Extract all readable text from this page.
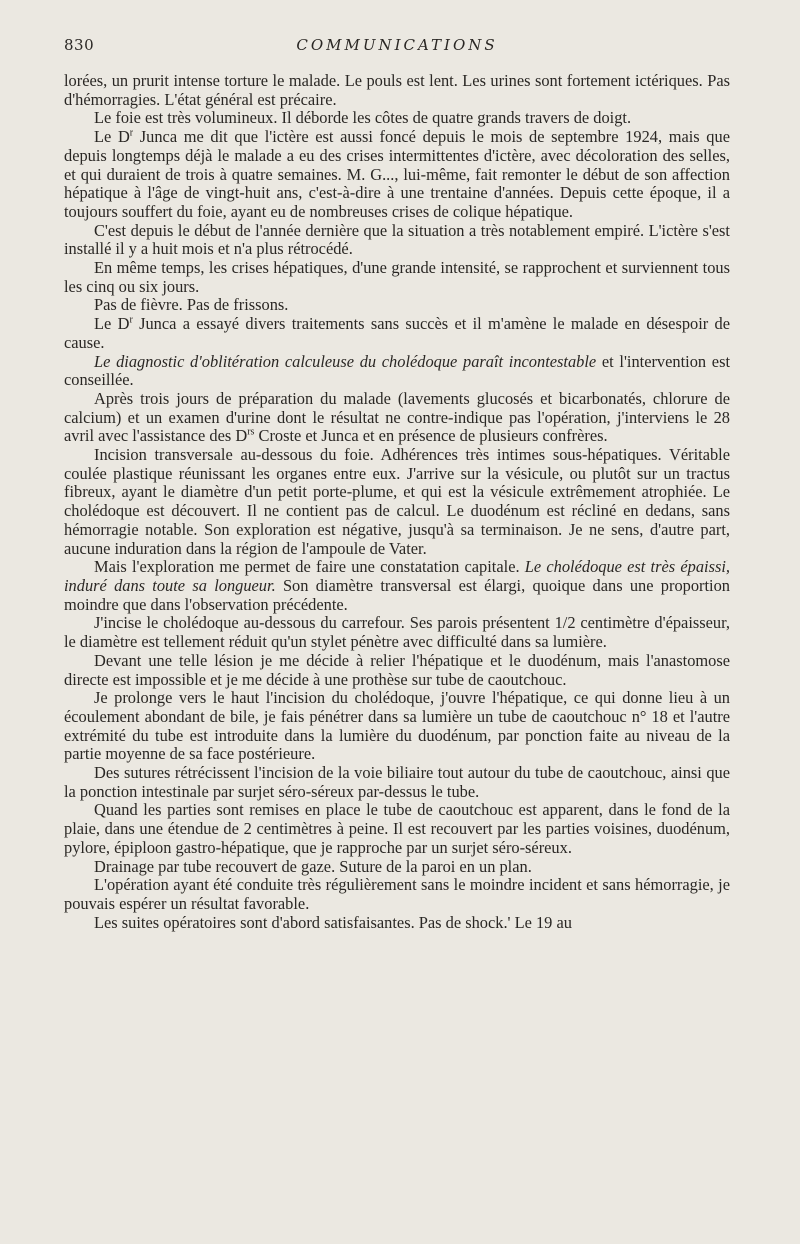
830	COMMUNICATIONS

lorées, un prurit intense torture le malade. Le pouls est lent. Les urines sont fortement ictériques. Pas d'hémorragies. L'état général est précaire.

Le foie est très volumineux. Il déborde les côtes de quatre grands travers de doigt.

Le $D^r$ Junca me dit que l'ictère est aussi foncé depuis le mois de septembre 1924, mais que depuis longtemps déjà le malade a eu des crises intermittentes d'ictère, avec décoloration des selles, et qui duraient de trois à quatre semaines. M. G..., lui-même, fait remonter le début de son affection hépatique à l'âge de vingt-huit ans, c'est-à-dire à une trentaine d'années. Depuis cette époque, il a toujours souffert du foie, ayant eu de nombreuses crises de colique hépatique.

C'est depuis le début de l'année dernière que la situation a très notablement empiré. L'ictère s'est installé il y a huit mois et n'a plus rétrocédé.

En même temps, les crises hépatiques, d'une grande intensité, se rapprochent et surviennent tous les cinq ou six jours.

Pas de fièvre. Pas de frissons.

Le $D^r$ Junca a essayé divers traitements sans succès et il m'amène le malade en désespoir de cause.

Le diagnostic d'oblitération calculeuse du cholédoque paraît incontestable et l'intervention est conseillée.

Après trois jours de préparation du malade (lavements glucosés et bicarbonatés, chlorure de calcium) et un examen d'urine dont le résultat ne contre-indique pas l'opération, j'interviens le 28 avril avec l'assistance des $D^{rs}$ Croste et Junca et en présence de plusieurs confrères.

Incision transversale au-dessous du foie. Adhérences très intimes sous-hépatiques. Véritable coulée plastique réunissant les organes entre eux. J'arrive sur la vésicule, ou plutôt sur un tractus fibreux, ayant le diamètre d'un petit porte-plume, et qui est la vésicule extrêmement atrophiée. Le cholédoque est découvert. Il ne contient pas de calcul. Le duodénum est récliné en dedans, sans hémorragie notable. Son exploration est négative, jusqu'à sa terminaison. Je ne sens, d'autre part, aucune induration dans la région de l'ampoule de Vater.

Mais l'exploration me permet de faire une constatation capitale. Le cholédoque est très épaissi, induré dans toute sa longueur. Son diamètre transversal est élargi, quoique dans une proportion moindre que dans l'observation précédente.

J'incise le cholédoque au-dessous du carrefour. Ses parois présentent 1/2 centimètre d'épaisseur, le diamètre est tellement réduit qu'un stylet pénètre avec difficulté dans sa lumière.

Devant une telle lésion je me décide à relier l'hépatique et le duodénum, mais l'anastomose directe est impossible et je me décide à une prothèse sur tube de caoutchouc.

Je prolonge vers le haut l'incision du cholédoque, j'ouvre l'hépatique, ce qui donne lieu à un écoulement abondant de bile, je fais pénétrer dans sa lumière un tube de caoutchouc n° 18 et l'autre extrémité du tube est introduite dans la lumière du duodénum, par ponction faite au niveau de la partie moyenne de sa face postérieure.

Des sutures rétrécissent l'incision de la voie biliaire tout autour du tube de caoutchouc, ainsi que la ponction intestinale par surjet séro-séreux par-dessus le tube.

Quand les parties sont remises en place le tube de caoutchouc est apparent, dans le fond de la plaie, dans une étendue de 2 centimètres à peine. Il est recouvert par les parties voisines, duodénum, pylore, épiploon gastro-hépatique, que je rapproche par un surjet séro-séreux.

Drainage par tube recouvert de gaze. Suture de la paroi en un plan.

L'opération ayant été conduite très régulièrement sans le moindre incident et sans hémorragie, je pouvais espérer un résultat favorable.

Les suites opératoires sont d'abord satisfaisantes. Pas de shock.' Le 19 au
